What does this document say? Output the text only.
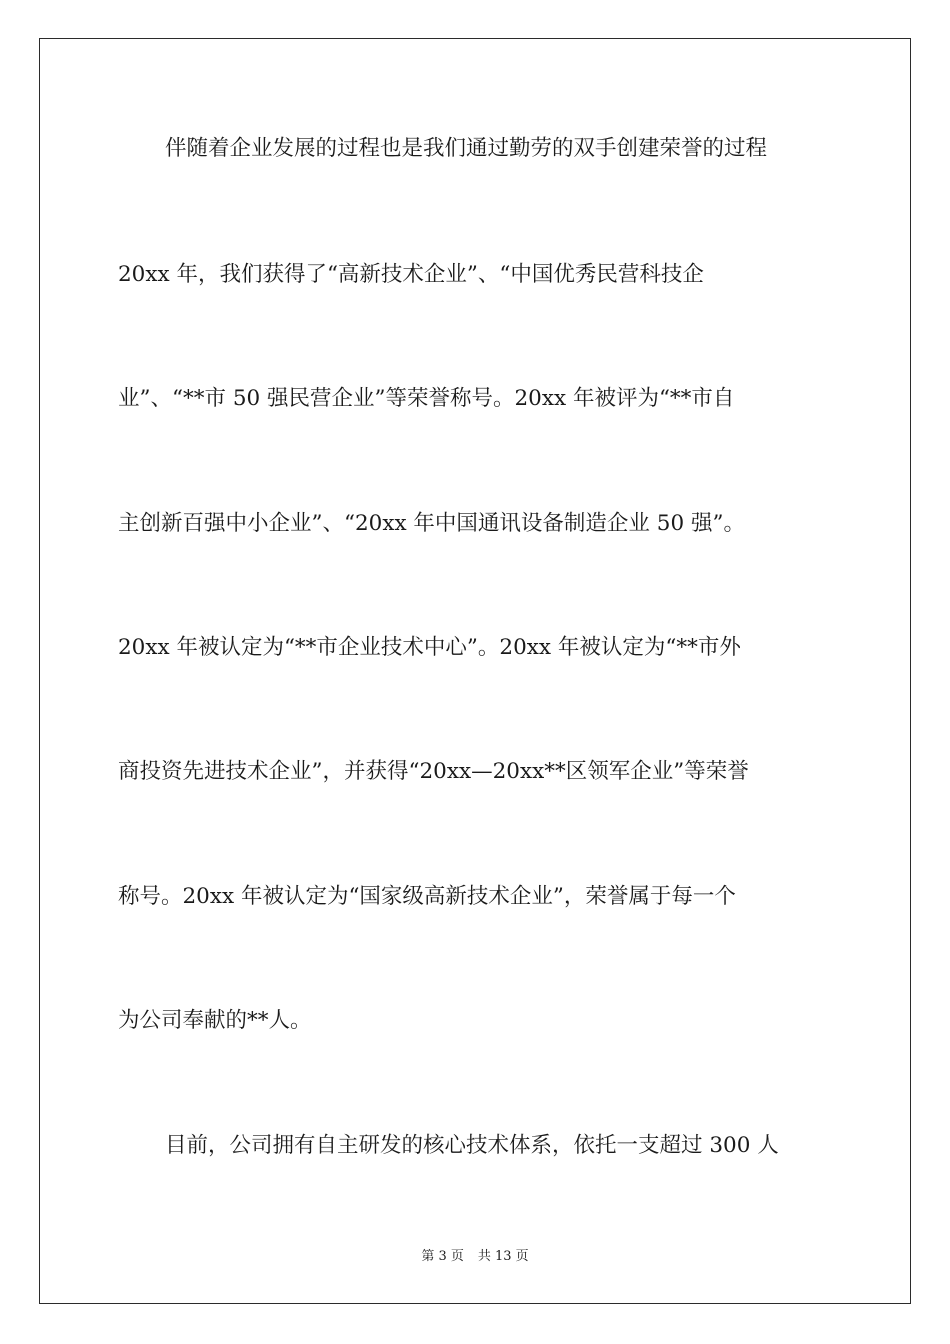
伴随着企业发展的过程也是我们通过勤劳的双手创建荣誉的过程

20xx 年，我们获得了“高新技术企业”、“中国优秀民营科技企

业”、“**市 50 强民营企业”等荣誉称号。20xx 年被评为“**市自

主创新百强中小企业”、“20xx 年中国通讯设备制造企业 50 强”。

20xx 年被认定为“**市企业技术中心”。20xx 年被认定为“**市外

商投资先进技术企业”，并获得“20xx—20xx**区领军企业”等荣誉

称号。20xx 年被认定为“国家级高新技术企业”，荣誉属于每一个

为公司奉献的**人。

目前，公司拥有自主研发的核心技术体系，依托一支超过 300 人

第 3 页 共 13 页
